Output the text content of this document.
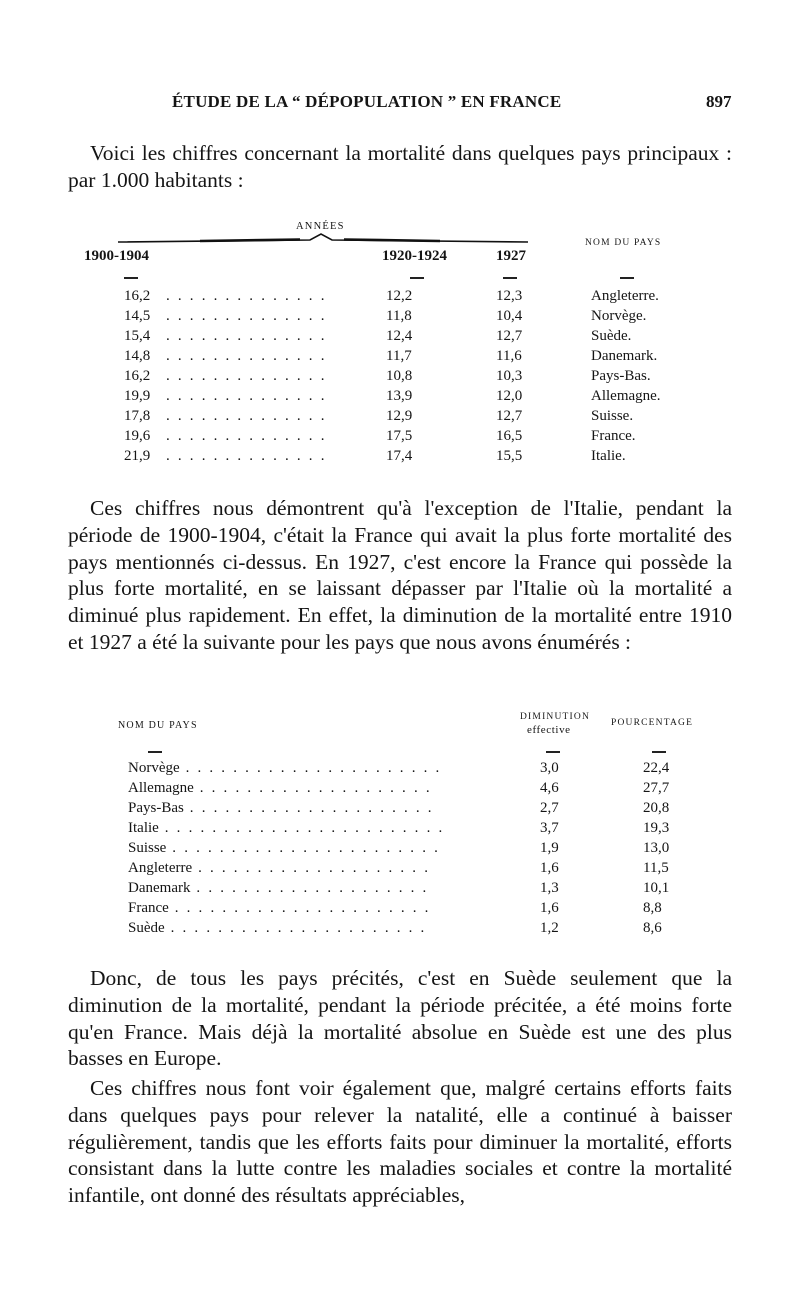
ÉTUDE DE LA “ DÉPOPULATION ” EN FRANCE	897

Voici les chiffres concernant la mortalité dans quelques pays principaux : par 1.000 habitants :

ANNÉES
1900-1904	1920-1924	1927
NOM DU PAYS
16,2 . . . . . . . . . . . . . .	12,2	12,3	Angleterre.
14,5 . . . . . . . . . . . . . .	11,8	10,4	Norvège.
15,4 . . . . . . . . . . . . . .	12,4	12,7	Suède.
14,8 . . . . . . . . . . . . . .	11,7	11,6	Danemark.
16,2 . . . . . . . . . . . . . .	10,8	10,3	Pays-Bas.
19,9 . . . . . . . . . . . . . .	13,9	12,0	Allemagne.
17,8 . . . . . . . . . . . . . .	12,9	12,7	Suisse.
19,6 . . . . . . . . . . . . . .	17,5	16,5	France.
21,9 . . . . . . . . . . . . . .	17,4	15,5	Italie.

Ces chiffres nous démontrent qu'à l'exception de l'Italie, pendant la période de 1900-1904, c'était la France qui avait la plus forte mortalité des pays mentionnés ci-dessus. En 1927, c'est encore la France qui possède la plus forte mortalité, en se laissant dépasser par l'Italie où la mortalité a diminué plus rapidement. En effet, la diminution de la mortalité entre 1910 et 1927 a été la suivante pour les pays que nous avons énumérés :

NOM DU PAYS
DIMINUTION
effective
POURCENTAGE
Norvège . . . . . . . . . . . . . . . . . . . . . .	3,0	22,4
Allemagne . . . . . . . . . . . . . . . . . . . .	4,6	27,7
Pays-Bas . . . . . . . . . . . . . . . . . . . . .	2,7	20,8
Italie . . . . . . . . . . . . . . . . . . . . . . . .	3,7	19,3
Suisse . . . . . . . . . . . . . . . . . . . . . . .	1,9	13,0
Angleterre . . . . . . . . . . . . . . . . . . . .	1,6	11,5
Danemark . . . . . . . . . . . . . . . . . . . .	1,3	10,1
France . . . . . . . . . . . . . . . . . . . . . .	1,6	8,8
Suède . . . . . . . . . . . . . . . . . . . . . .	1,2	8,6

Donc, de tous les pays précités, c'est en Suède seulement que la diminution de la mortalité, pendant la période précitée, a été moins forte qu'en France. Mais déjà la mortalité absolue en Suède est une des plus basses en Europe.

Ces chiffres nous font voir également que, malgré certains efforts faits dans quelques pays pour relever la natalité, elle a continué à baisser régulièrement, tandis que les efforts faits pour diminuer la mortalité, efforts consistant dans la lutte contre les maladies sociales et contre la mortalité infantile, ont donné des résultats appréciables,
